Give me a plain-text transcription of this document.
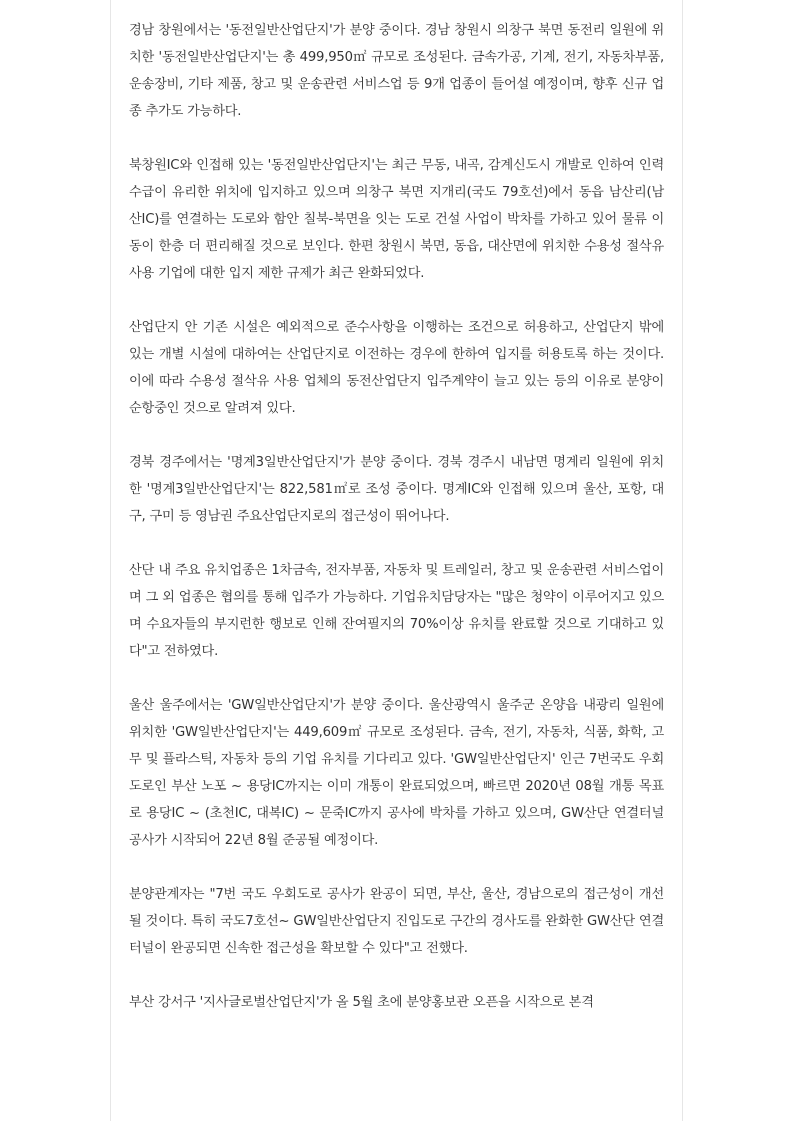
경남 창원에서는 '동전일반산업단지'가 분양 중이다. 경남 창원시 의창구 북면 동전리 일원에 위치한 '동전일반산업단지'는 총 499,950㎡ 규모로 조성된다. 금속가공, 기계, 전기, 자동차부품, 운송장비, 기타 제품, 창고 및 운송관련 서비스업 등 9개 업종이 들어설 예정이며, 향후 신규 업종 추가도 가능하다.

북창원IC와 인접해 있는 '동전일반산업단지'는 최근 무동, 내곡, 감계신도시 개발로 인하여 인력 수급이 유리한 위치에 입지하고 있으며 의창구 북면 지개리(국도 79호선)에서 동읍 남산리(남산IC)를 연결하는 도로와 함안 칠북-북면을 잇는 도로 건설 사업이 박차를 가하고 있어 물류 이동이 한층 더 편리해질 것으로 보인다. 한편 창원시 북면, 동읍, 대산면에 위치한 수용성 절삭유 사용 기업에 대한 입지 제한 규제가 최근 완화되었다.

산업단지 안 기존 시설은 예외적으로 준수사항을 이행하는 조건으로 허용하고, 산업단지 밖에 있는 개별 시설에 대하여는 산업단지로 이전하는 경우에 한하여 입지를 허용토록 하는 것이다. 이에 따라 수용성 절삭유 사용 업체의 동전산업단지 입주계약이 늘고 있는 등의 이유로 분양이 순항중인 것으로 알려져 있다.

경북 경주에서는 '명계3일반산업단지'가 분양 중이다. 경북 경주시 내남면 명계리 일원에 위치한 '명계3일반산업단지'는 822,581㎡로 조성 중이다. 명계IC와 인접해 있으며 울산, 포항, 대구, 구미 등 영남권 주요산업단지로의 접근성이 뛰어나다.

산단 내 주요 유치업종은 1차금속, 전자부품, 자동차 및 트레일러, 창고 및 운송관련 서비스업이며 그 외 업종은 협의를 통해 입주가 가능하다. 기업유치담당자는 "많은 청약이 이루어지고 있으며 수요자들의 부지런한 행보로 인해 잔여필지의 70%이상 유치를 완료할 것으로 기대하고 있다"고 전하였다.

울산 울주에서는 'GW일반산업단지'가 분양 중이다. 울산광역시 울주군 온양읍 내광리 일원에 위치한 'GW일반산업단지'는 449,609㎡ 규모로 조성된다. 금속, 전기, 자동차, 식품, 화학, 고무 및 플라스틱, 자동차 등의 기업 유치를 기다리고 있다. 'GW일반산업단지' 인근 7번국도 우회도로인 부산 노포 ~ 용당IC까지는 이미 개통이 완료되었으며, 빠르면 2020년 08월 개통 목표로 용당IC ~ (초천IC, 대복IC) ~ 문죽IC까지 공사에 박차를 가하고 있으며, GW산단 연결터널 공사가 시작되어 22년 8월 준공될 예정이다.

분양관계자는 "7번 국도 우회도로 공사가 완공이 되면, 부산, 울산, 경남으로의 접근성이 개선 될 것이다. 특히 국도7호선~ GW일반산업단지 진입도로 구간의 경사도를 완화한 GW산단 연결터널이 완공되면 신속한 접근성을 확보할 수 있다"고 전했다.

부산 강서구 '지사글로벌산업단지'가 올 5월 초에 분양홍보관 오픈을 시작으로 본격
